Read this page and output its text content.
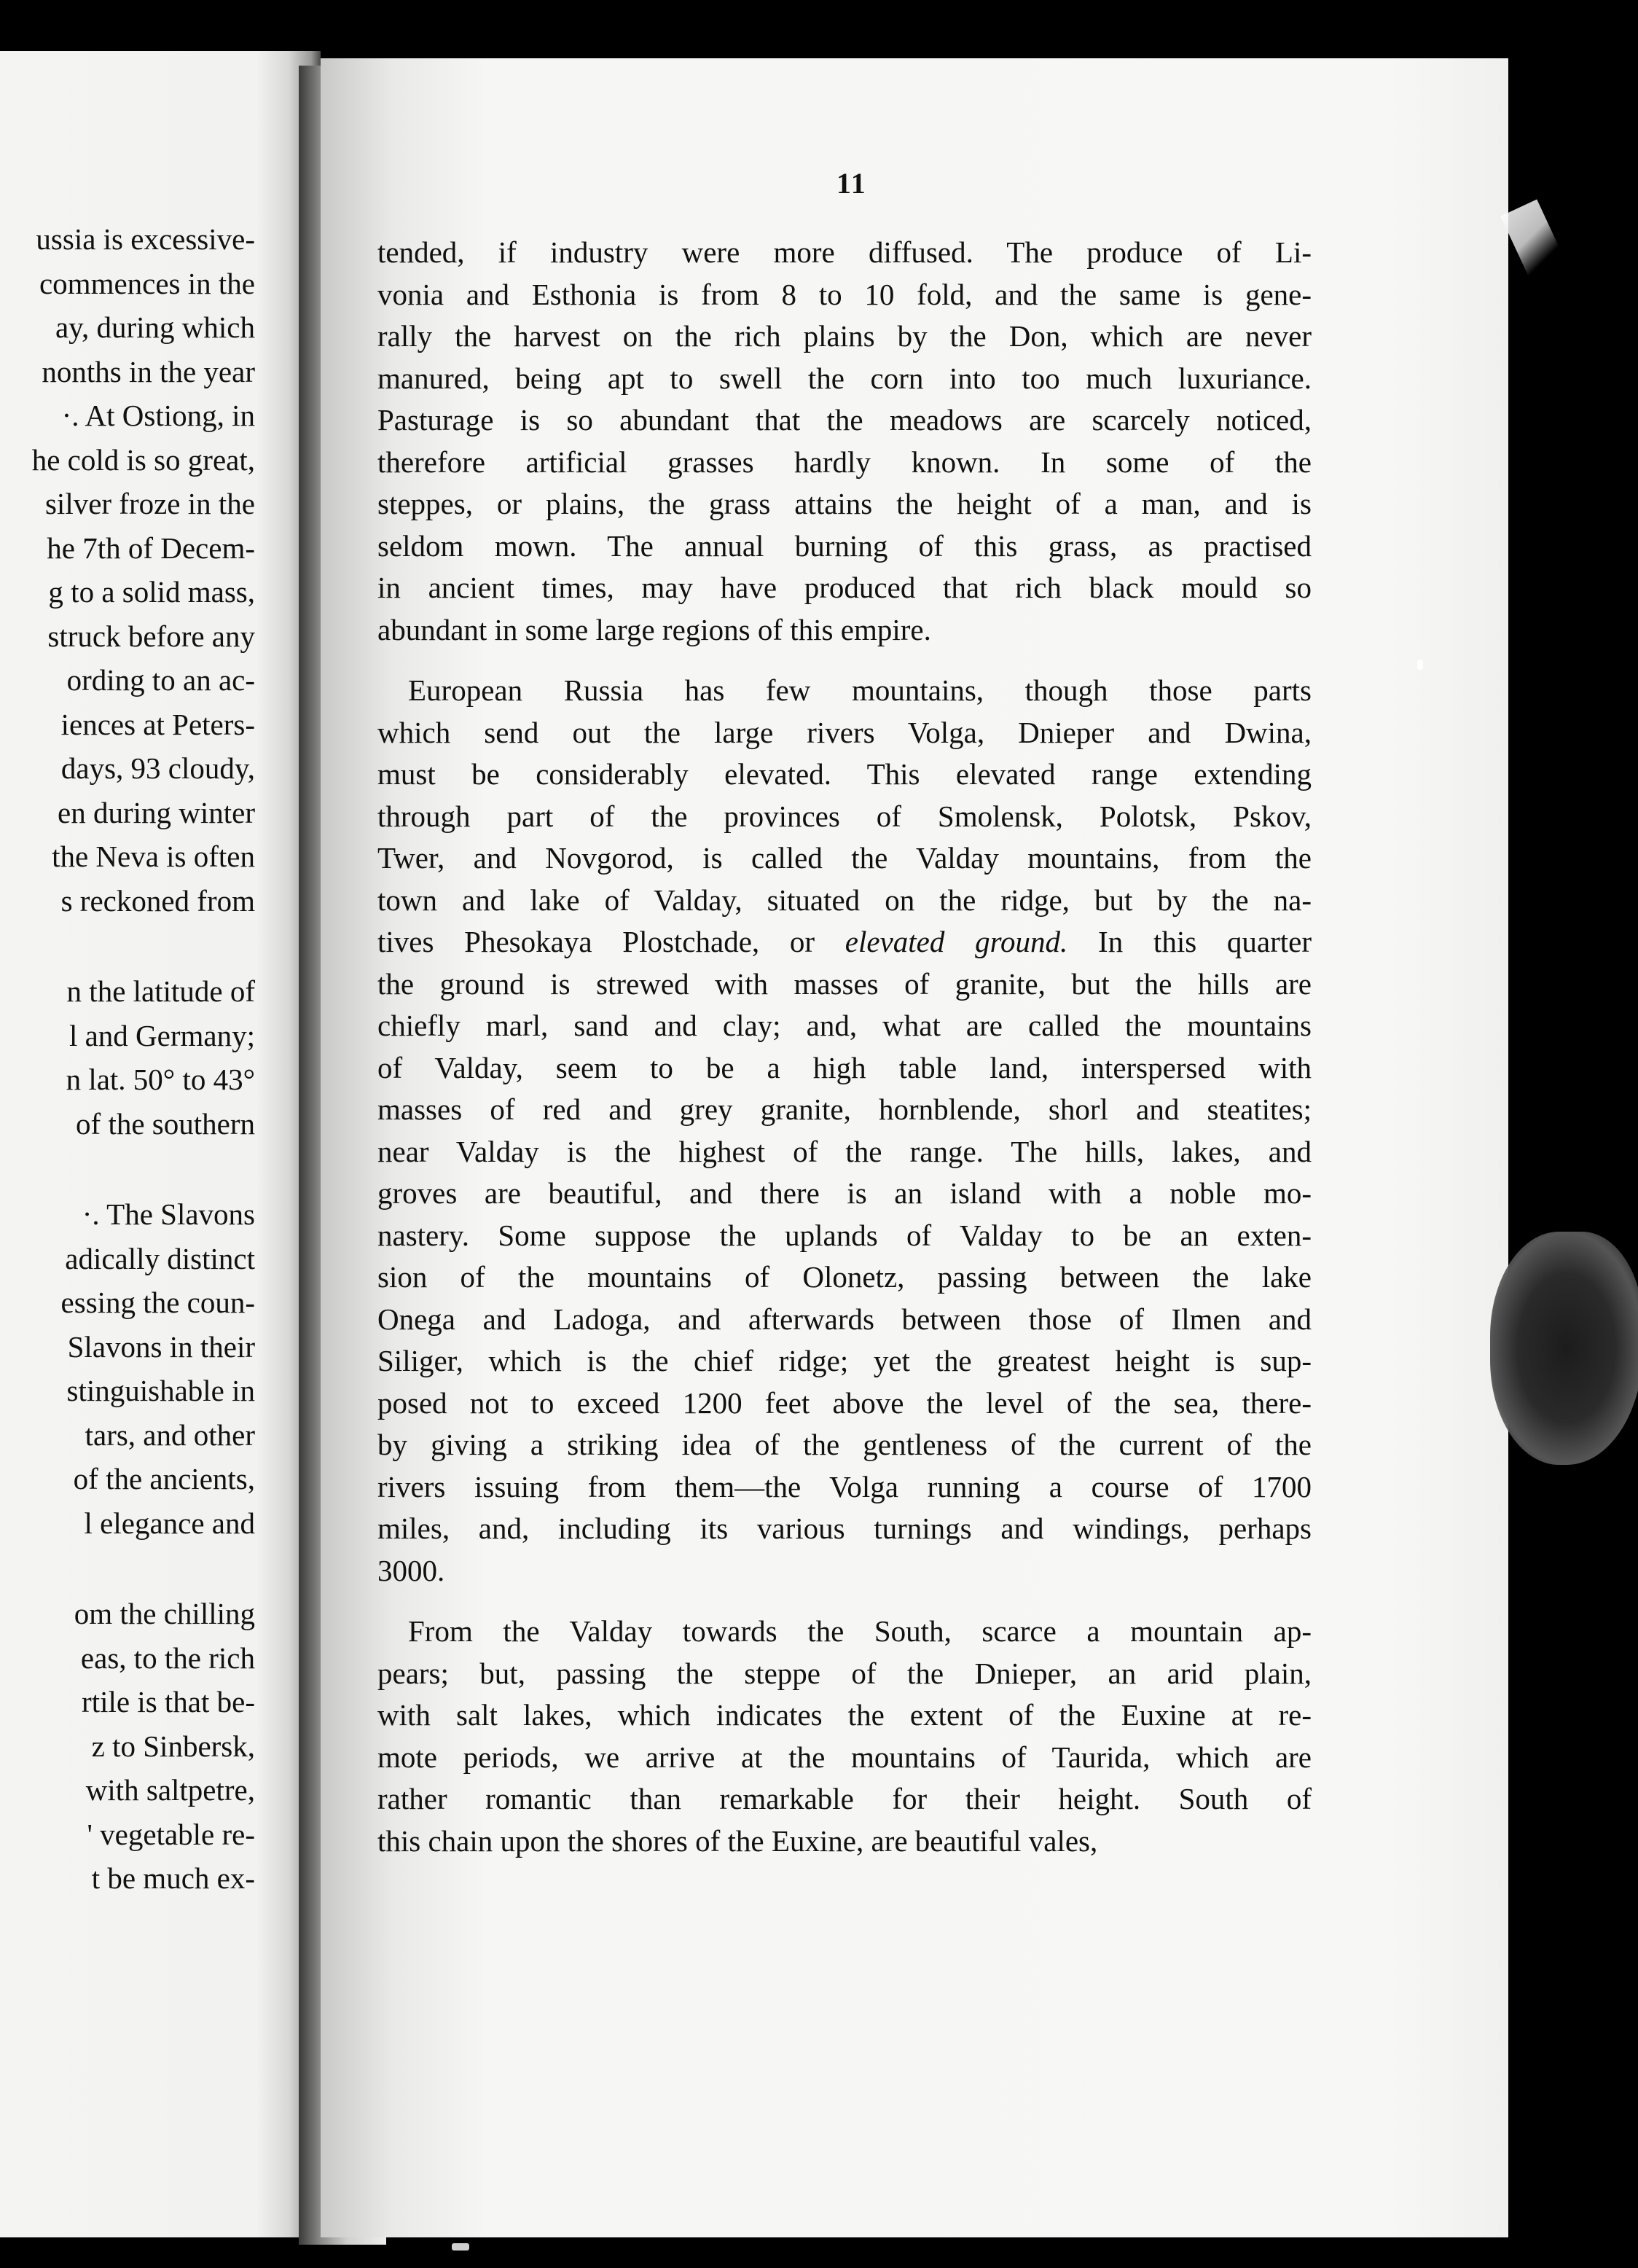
ussia is excessive-
commences in the
ay, during which
nonths in the year
·. At Ostiong, in
he cold is so great,
silver froze in the
he 7th of Decem-
g to a solid mass,
struck before any
ording to an ac-
iences at Peters-
days, 93 cloudy,
en during winter
the Neva is often
s reckoned from

n the latitude of
l and Germany;
n lat. 50° to 43°
of the southern

·. The Slavons
adically distinct
essing the coun-
Slavons in their
stinguishable in
tars, and other
of the ancients,
l elegance and

om the chilling
eas, to the rich
rtile is that be-
z to Sinbersk,
with saltpetre,
' vegetable re-
t be much ex-
11
tended, if industry were more diffused. The produce of Li-
vonia and Esthonia is from 8 to 10 fold, and the same is gene-
rally the harvest on the rich plains by the Don, which are never
manured, being apt to swell the corn into too much luxuriance.
Pasturage is so abundant that the meadows are scarcely noticed,
therefore artificial grasses hardly known. In some of the
steppes, or plains, the grass attains the height of a man, and is
seldom mown. The annual burning of this grass, as practised
in ancient times, may have produced that rich black mould so
abundant in some large regions of this empire.
European Russia has few mountains, though those parts
which send out the large rivers Volga, Dnieper and Dwina,
must be considerably elevated. This elevated range extending
through part of the provinces of Smolensk, Polotsk, Pskov,
Twer, and Novgorod, is called the Valday mountains, from the
town and lake of Valday, situated on the ridge, but by the na-
tives Phesokaya Plostchade, or elevated ground. In this quarter
the ground is strewed with masses of granite, but the hills are
chiefly marl, sand and clay; and, what are called the mountains
of Valday, seem to be a high table land, interspersed with
masses of red and grey granite, hornblende, shorl and steatites;
near Valday is the highest of the range. The hills, lakes, and
groves are beautiful, and there is an island with a noble mo-
nastery. Some suppose the uplands of Valday to be an exten-
sion of the mountains of Olonetz, passing between the lake
Onega and Ladoga, and afterwards between those of Ilmen and
Siliger, which is the chief ridge; yet the greatest height is sup-
posed not to exceed 1200 feet above the level of the sea, there-
by giving a striking idea of the gentleness of the current of the
rivers issuing from them—the Volga running a course of 1700
miles, and, including its various turnings and windings, perhaps
3000.
From the Valday towards the South, scarce a mountain ap-
pears; but, passing the steppe of the Dnieper, an arid plain,
with salt lakes, which indicates the extent of the Euxine at re-
mote periods, we arrive at the mountains of Taurida, which are
rather romantic than remarkable for their height. South of
this chain upon the shores of the Euxine, are beautiful vales,
